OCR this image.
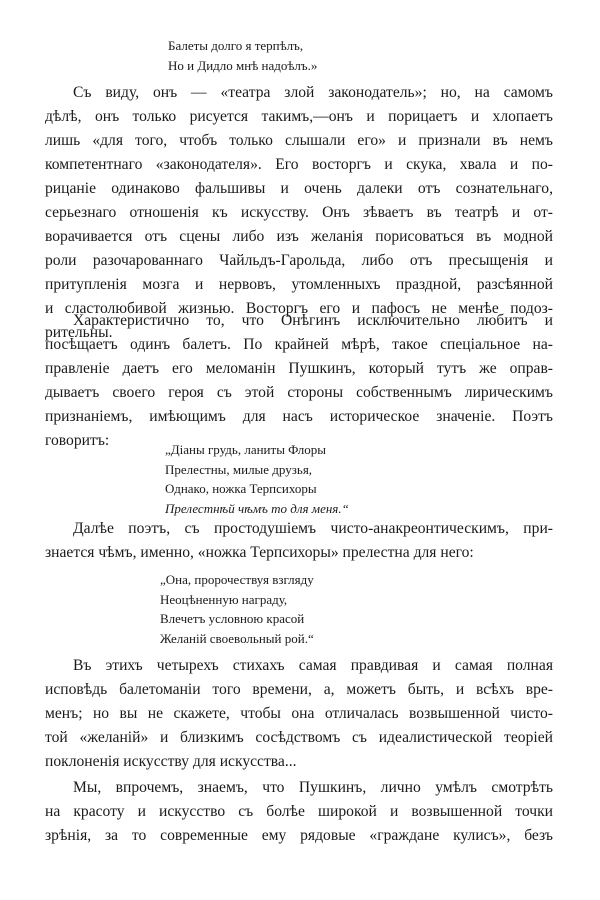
Балеты долго я терпѣлъ,
Но и Дидло мнѣ надоѣлъ.»
Съ виду, онъ — «театра злой законодатель»; но, на самомъ
дѣлѣ, онъ только рисуется такимъ,—онъ и порицаетъ и хлопаетъ
лишь «для того, чтобъ только слышали его» и признали въ немъ
компетентнаго «законодателя». Его восторгъ и скука, хвала и по-
рицаніе одинаково фальшивы и очень далеки отъ сознательнаго,
серьезнаго отношенія къ искусству. Онъ зѣваетъ въ театрѣ и от-
ворачивается отъ сцены либо изъ желанія порисоваться въ модной
роли разочарованнаго Чайльдъ-Гарольда, либо отъ пресыщенія и
притупленія мозга и нервовъ, утомленныхъ праздной, разсѣянной
и сластолюбивой жизнью. Восторгъ его и пафосъ не менѣе подоз-
рительны.
Характеристично то, что Онѣгинъ исключительно любитъ и
посѣщаетъ одинъ балетъ. По крайней мѣрѣ, такое спеціальное на-
правленіе даетъ его меломанін Пушкинъ, который тутъ же оправ-
дываетъ своего героя съ этой стороны собственнымъ лирическимъ
признаніемъ, имѣющимъ для насъ историческое значеніе. Поэтъ
говоритъ:
„Діаны грудь, ланиты Флоры
Прелестны, милые друзья,
Однако, ножка Терпсихоры
Прелестнѣй чѣмъ то для меня.“
Далѣе поэтъ, съ простодушіемъ чисто-анакреонтическимъ, при-
знается чѣмъ, именно, «ножка Терпсихоры» прелестна для него:
„Она, пророчествуя взгляду
Неоцѣненную награду,
Влечетъ условною красой
Желаній своевольный рой.“
Въ этихъ четырехъ стихахъ самая правдивая и самая полная
исповѣдь балетоманіи того времени, а, можетъ быть, и всѣхъ вре-
менъ; но вы не скажете, чтобы она отличалась возвышенной чисто-
той «желаній» и близкимъ сосѣдствомъ съ идеалистической теоріей
поклоненія искусству для искусства...
Мы, впрочемъ, знаемъ, что Пушкинъ, лично умѣлъ смотрѣть
на красоту и искусство съ болѣе широкой и возвышенной точки
зрѣнія, за то современные ему рядовые «граждане кулисъ», безъ
